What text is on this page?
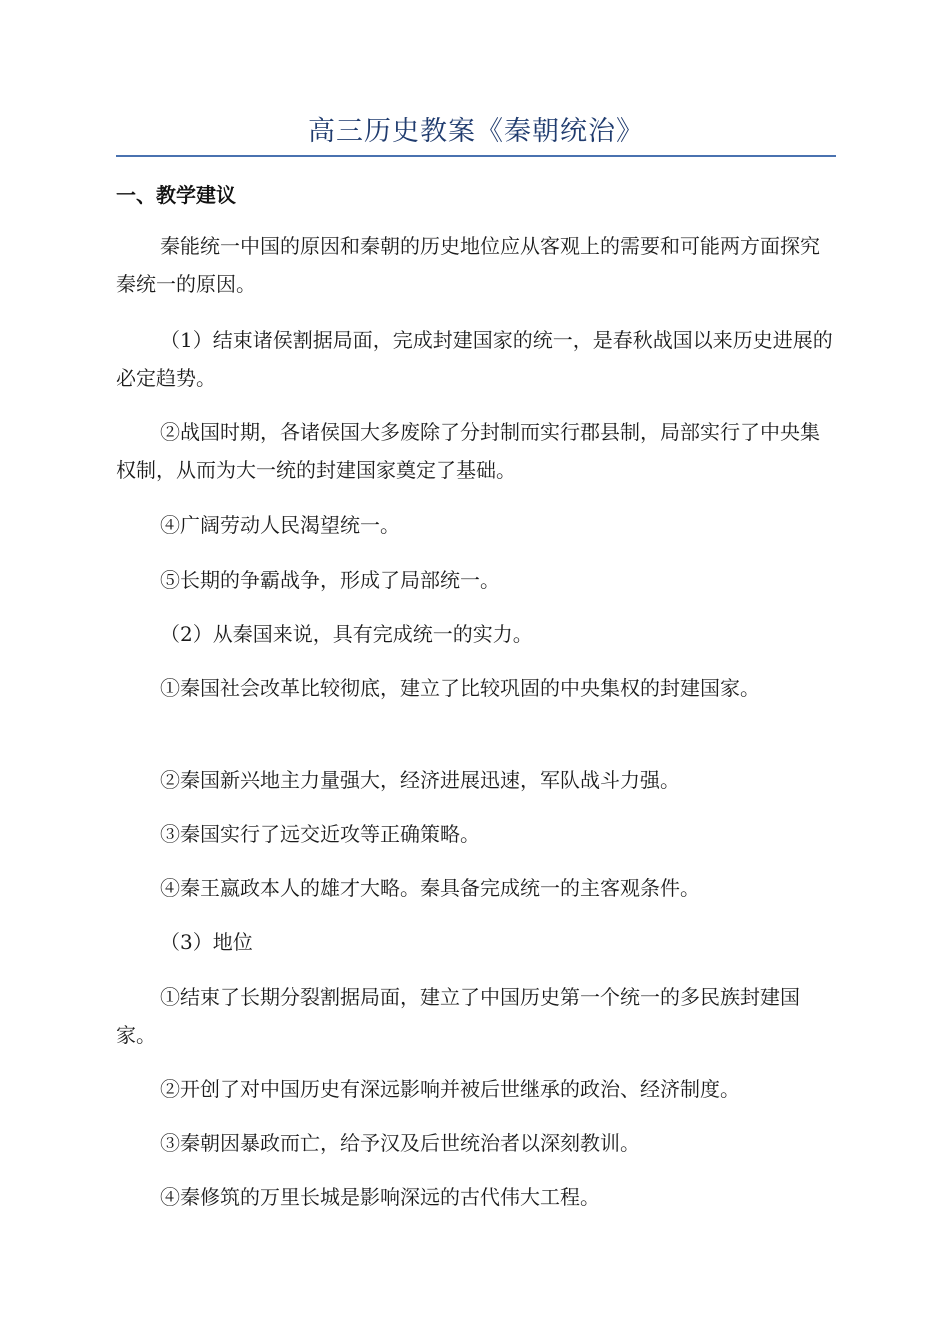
高三历史教案《秦朝统治》
一、教学建议
秦能统一中国的原因和秦朝的历史地位应从客观上的需要和可能两方面探究秦统一的原因。
（1）结束诸侯割据局面，完成封建国家的统一，是春秋战国以来历史进展的必定趋势。
②战国时期，各诸侯国大多废除了分封制而实行郡县制，局部实行了中央集权制，从而为大一统的封建国家奠定了基础。
④广阔劳动人民渴望统一。
⑤长期的争霸战争，形成了局部统一。
（2）从秦国来说，具有完成统一的实力。
①秦国社会改革比较彻底，建立了比较巩固的中央集权的封建国家。
②秦国新兴地主力量强大，经济进展迅速，军队战斗力强。
③秦国实行了远交近攻等正确策略。
④秦王嬴政本人的雄才大略。秦具备完成统一的主客观条件。
（3）地位
①结束了长期分裂割据局面，建立了中国历史第一个统一的多民族封建国家。
②开创了对中国历史有深远影响并被后世继承的政治、经济制度。
③秦朝因暴政而亡，给予汉及后世统治者以深刻教训。
④秦修筑的万里长城是影响深远的古代伟大工程。
